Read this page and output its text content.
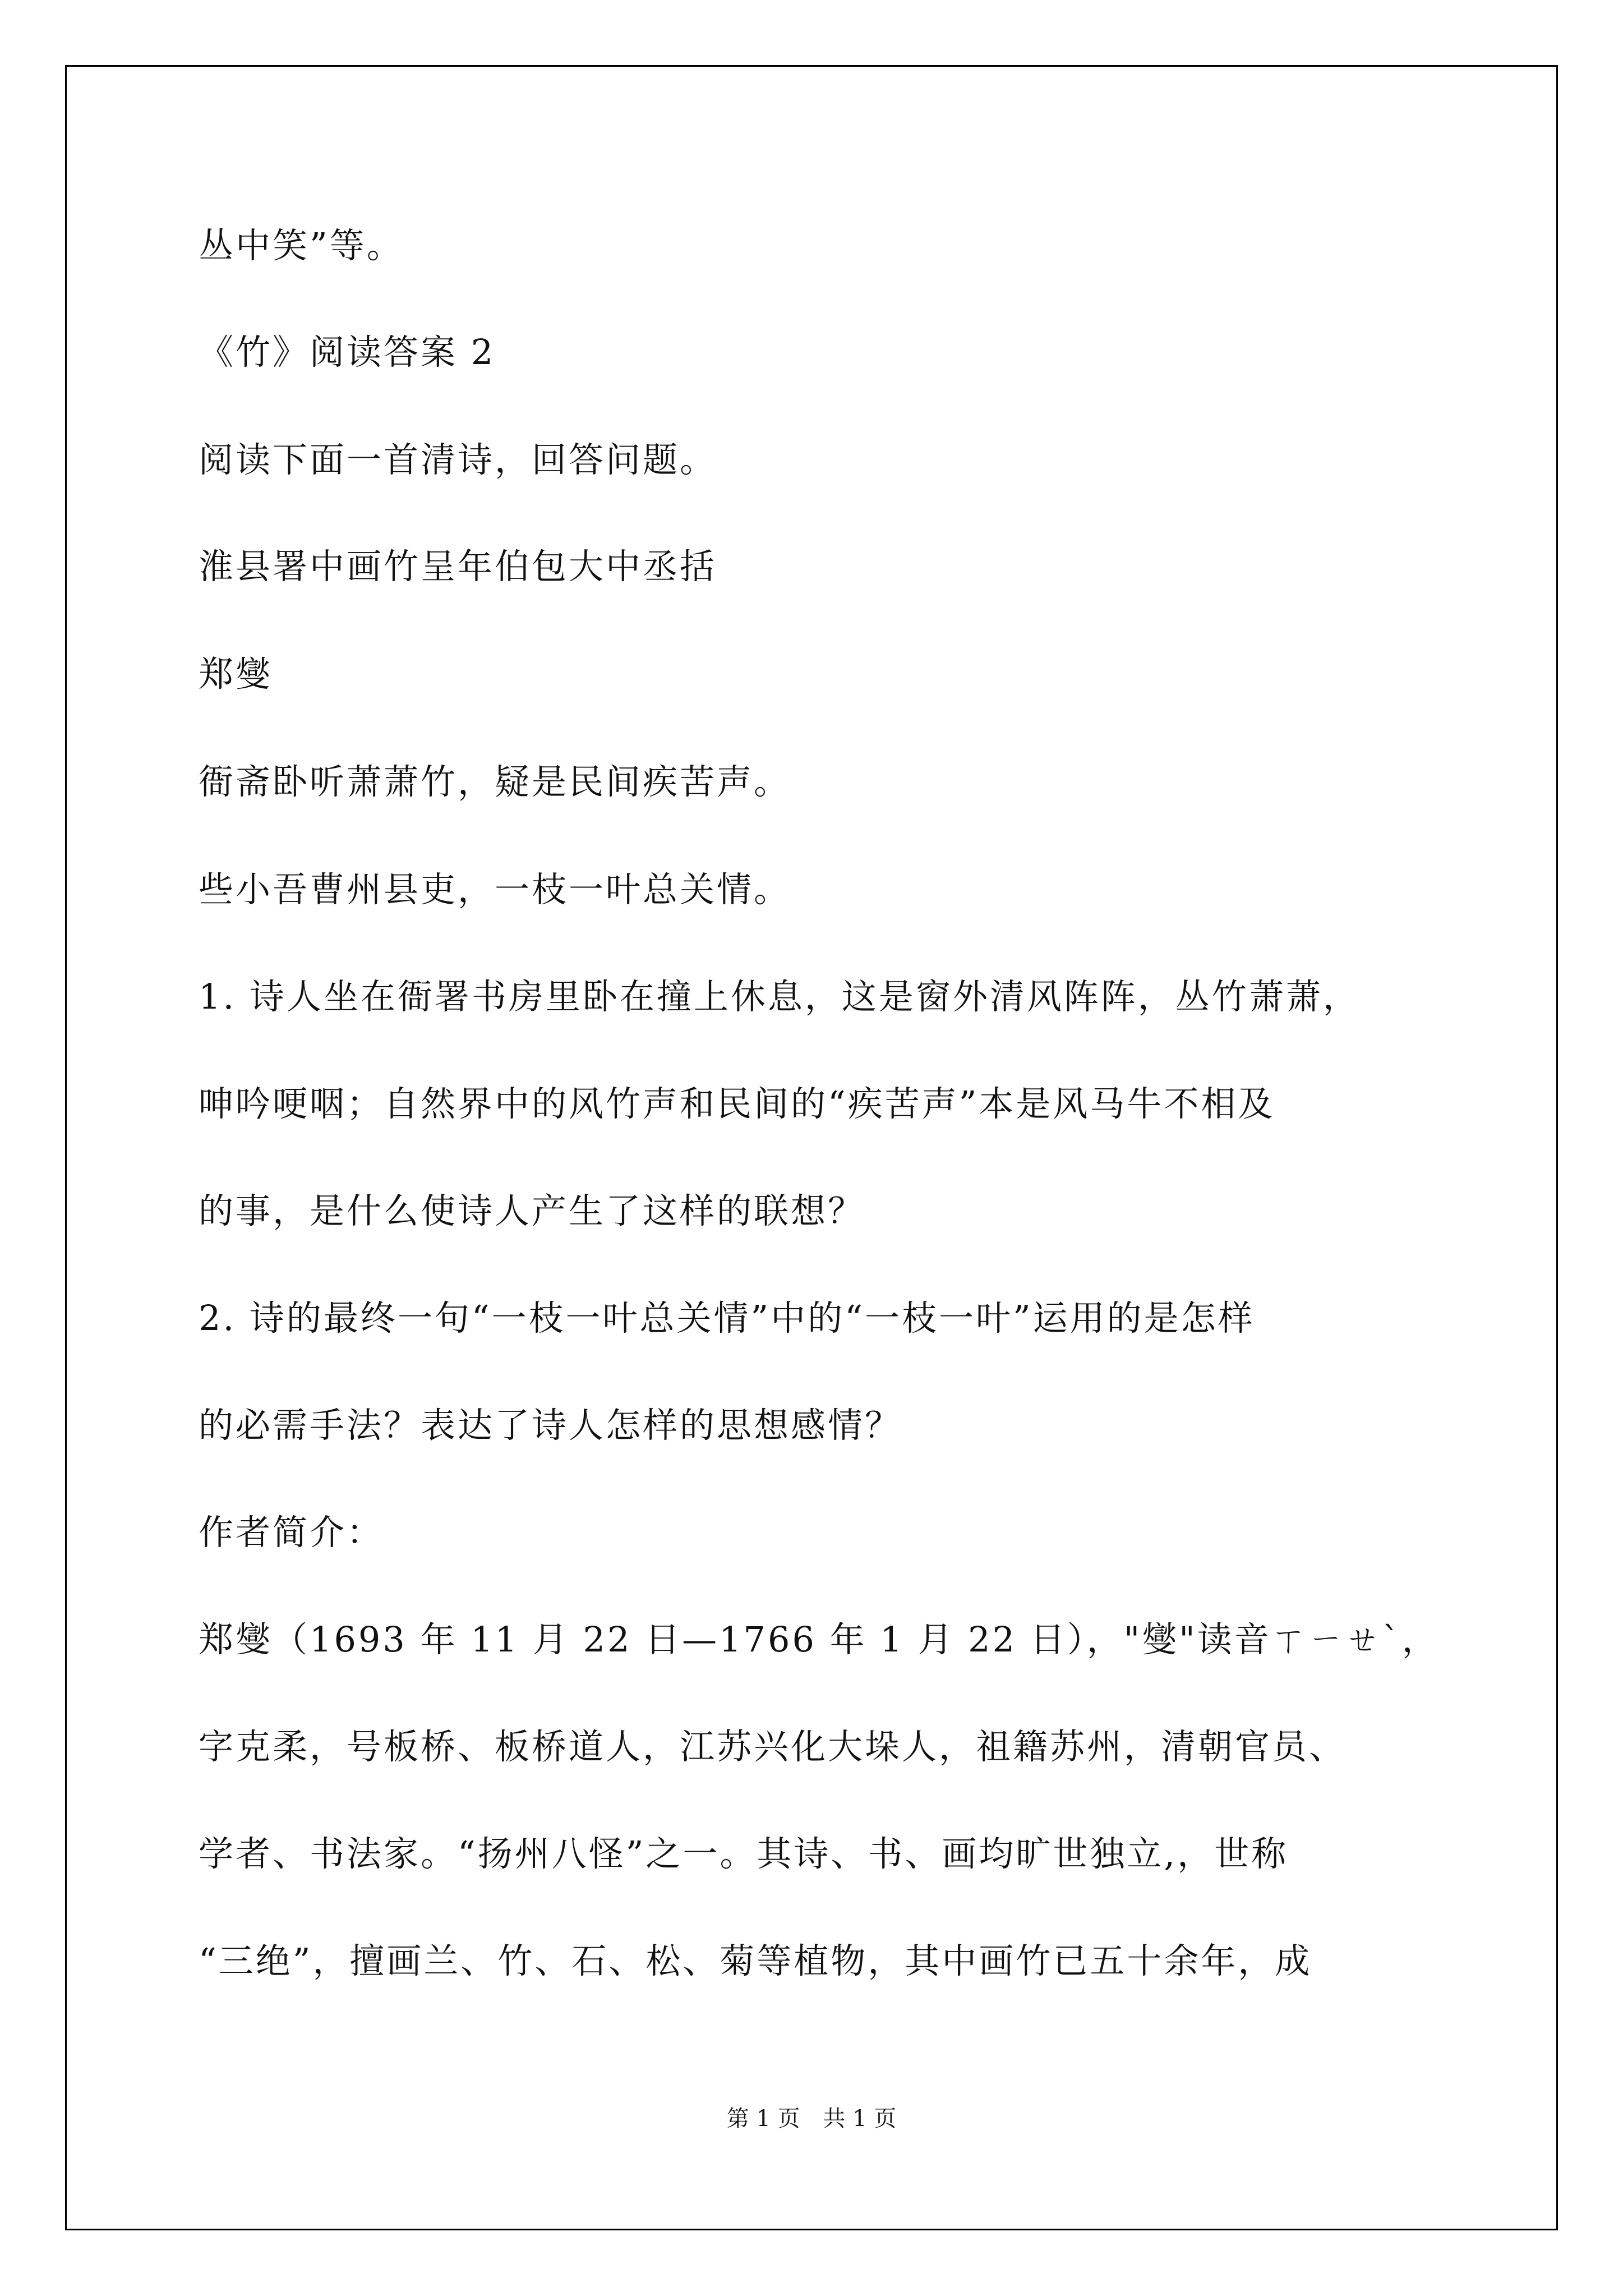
丛中笑”等。
《竹》阅读答案 2
阅读下面一首清诗，回答问题。
淮县署中画竹呈年伯包大中丞括
郑燮
衙斋卧听萧萧竹，疑是民间疾苦声。
些小吾曹州县吏，一枝一叶总关情。
1. 诗人坐在衙署书房里卧在撞上休息，这是窗外清风阵阵，丛竹萧萧，
呻吟哽咽；自然界中的风竹声和民间的“疾苦声”本是风马牛不相及
的事，是什么使诗人产生了这样的联想？
2. 诗的最终一句“一枝一叶总关情”中的“一枝一叶”运用的是怎样
的必需手法？表达了诗人怎样的思想感情？
作者简介：
郑燮（1693 年 11 月 22 日—1766 年 1 月 22 日），"燮"读音ㄒㄧㄝˋ，
字克柔，号板桥、板桥道人，江苏兴化大垛人，祖籍苏州，清朝官员、
学者、书法家。“扬州八怪”之一。其诗、书、画均旷世独立,，世称
“三绝”，擅画兰、竹、石、松、菊等植物，其中画竹已五十余年，成
第 1 页 共 1 页
